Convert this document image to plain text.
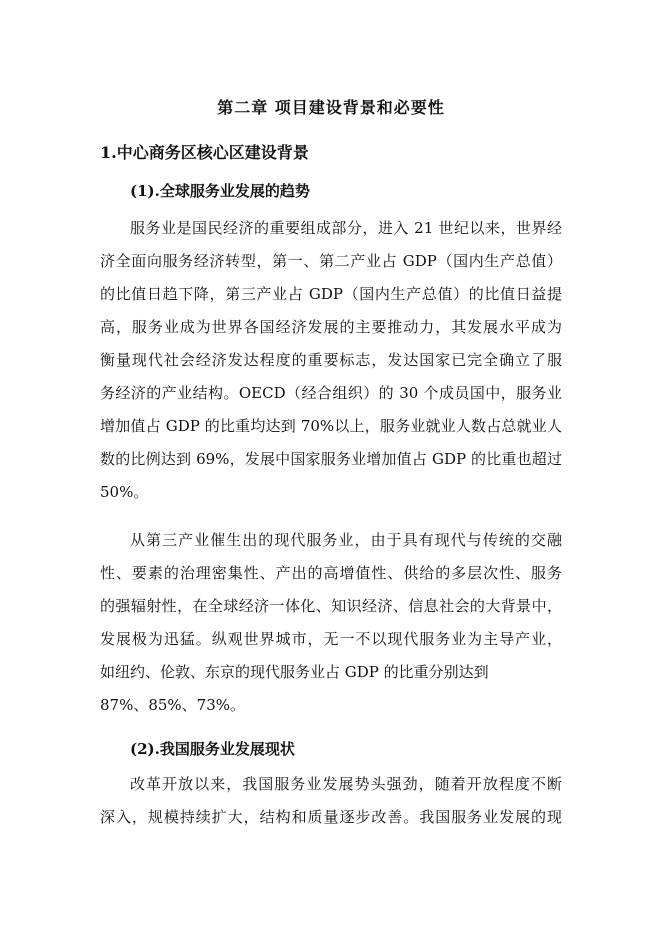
第二章 项目建设背景和必要性
1.中心商务区核心区建设背景
(1).全球服务业发展的趋势
服务业是国民经济的重要组成部分，进入 21 世纪以来，世界经
济全面向服务经济转型，第一、第二产业占 GDP（国内生产总值）
的比值日趋下降，第三产业占 GDP（国内生产总值）的比值日益提
高，服务业成为世界各国经济发展的主要推动力，其发展水平成为
衡量现代社会经济发达程度的重要标志，发达国家已完全确立了服
务经济的产业结构。OECD（经合组织）的 30 个成员国中，服务业
增加值占 GDP 的比重均达到 70%以上，服务业就业人数占总就业人
数的比例达到 69%，发展中国家服务业增加值占 GDP 的比重也超过
50%。
从第三产业催生出的现代服务业，由于具有现代与传统的交融
性、要素的治理密集性、产出的高增值性、供给的多层次性、服务
的强辐射性，在全球经济一体化、知识经济、信息社会的大背景中，
发展极为迅猛。纵观世界城市，无一不以现代服务业为主导产业，
如纽约、伦敦、东京的现代服务业占 GDP 的比重分别达到
87%、85%、73%。
(2).我国服务业发展现状
改革开放以来，我国服务业发展势头强劲，随着开放程度不断
深入，规模持续扩大，结构和质量逐步改善。我国服务业发展的现
